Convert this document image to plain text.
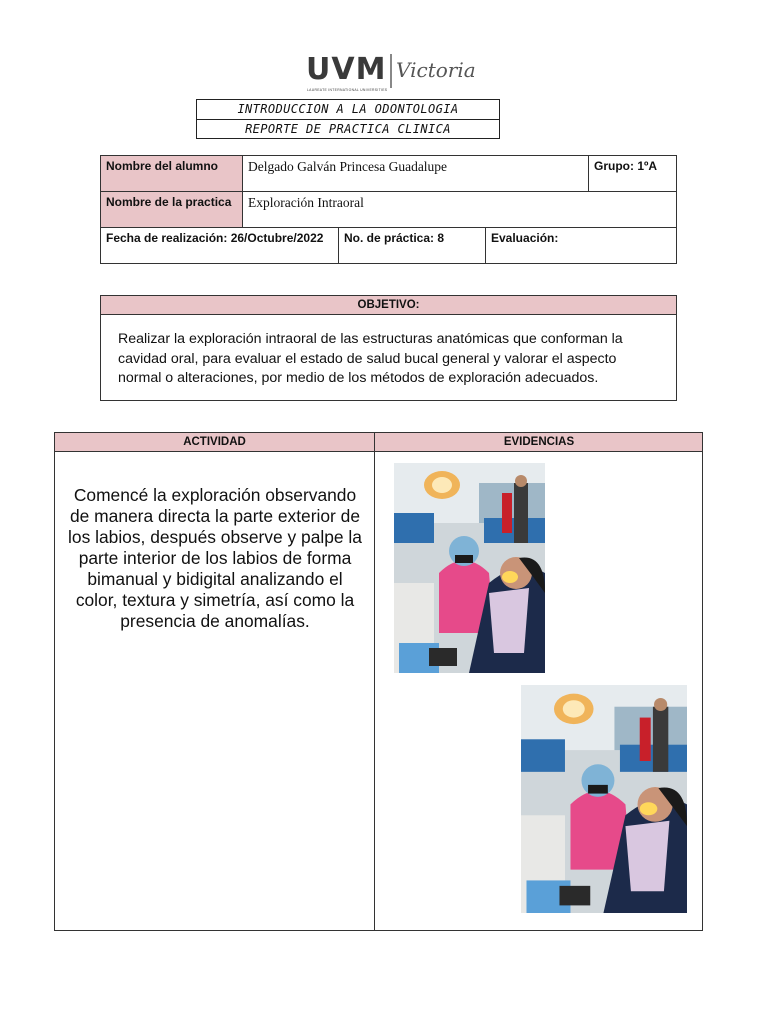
UVM
LAUREATE INTERNATIONAL UNIVERSITIES
Victoria
INTRODUCCION A LA ODONTOLOGIA
REPORTE DE PRACTICA CLINICA
Nombre del alumno	Delgado Galván Princesa Guadalupe	Grupo: 1ºA
Nombre de la practica	Exploración Intraoral	
Fecha de realización: 26/Octubre/2022	No. de práctica: 8	Evaluación:
OBJETIVO:
Realizar la exploración intraoral de las estructuras anatómicas que conforman la cavidad oral, para evaluar el estado de salud bucal general y valorar el aspecto normal o alteraciones, por medio de los métodos de exploración adecuados.
ACTIVIDAD	EVIDENCIAS
Comencé la exploración observando de manera directa la parte exterior de los labios, después observe y palpe la parte interior de los labios de forma bimanual y bidigital analizando el color, textura y simetría, así como la presencia de anomalías.
